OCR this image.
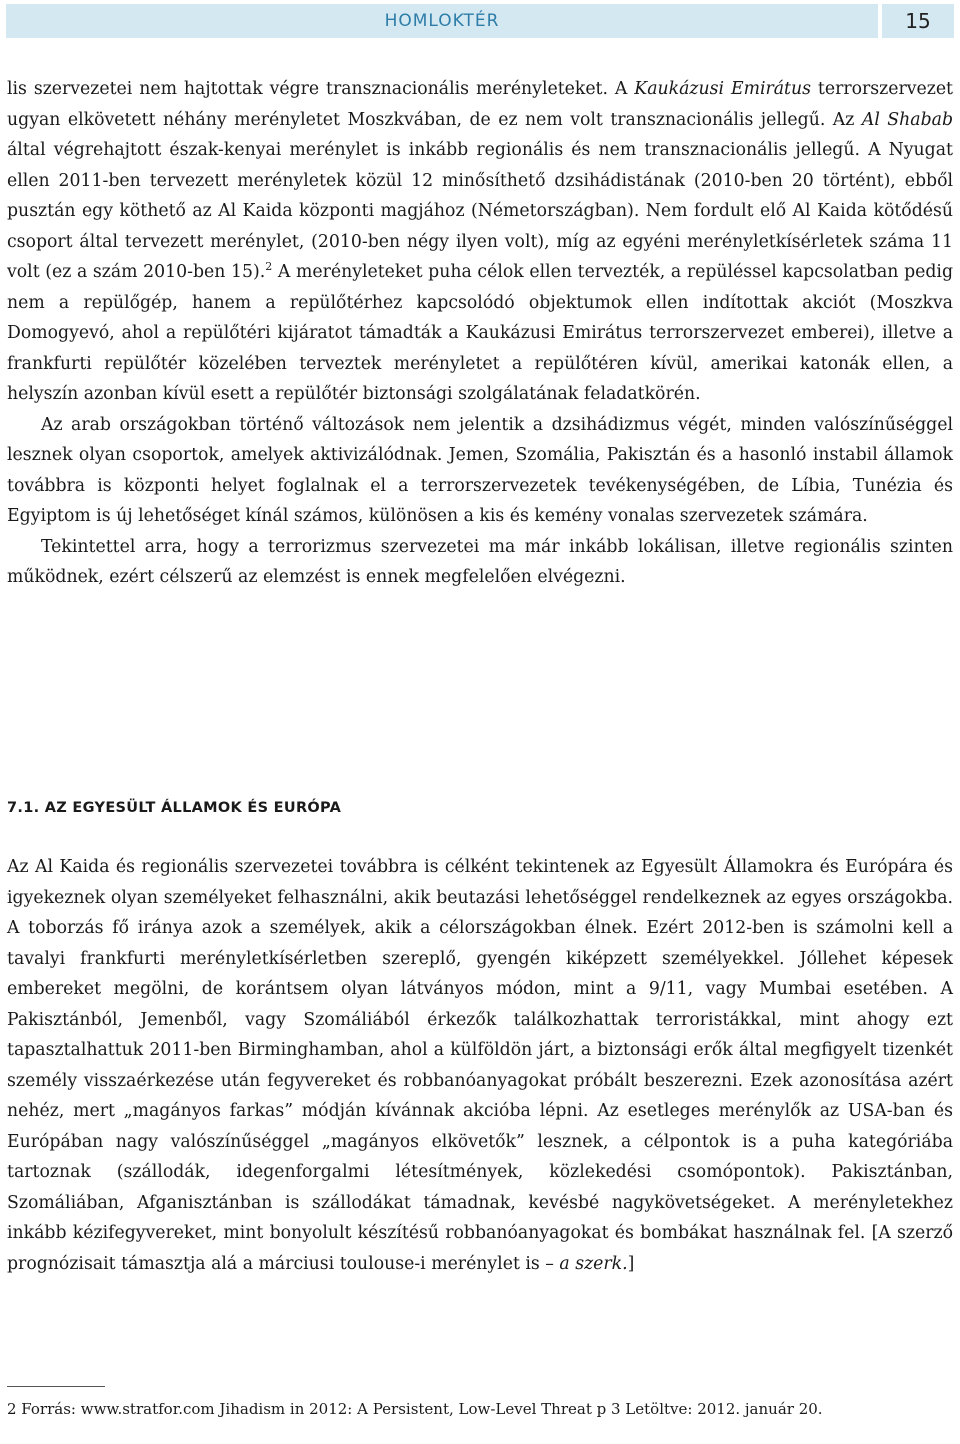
HOMLOKTÉR	15

lis szervezetei nem hajtottak végre transznacionális merényleteket. A Kaukázusi Emirátus terrorszervezet ugyan elkövetett néhány merényletet Moszkvában, de ez nem volt transznacionális jellegű. Az Al Shabab által végrehajtott észak-kenyai merénylet is inkább regionális és nem transznacionális jellegű. A Nyugat ellen 2011-ben tervezett merényletek közül 12 minősíthető dzsihádistának (2010-ben 20 történt), ebből pusztán egy köthető az Al Kaida központi magjához (Németországban). Nem fordult elő Al Kaida kötődésű csoport által tervezett merénylet, (2010-ben négy ilyen volt), míg az egyéni merényletkísérletek száma 11 volt (ez a szám 2010-ben 15).$^2$ A merényleteket puha célok ellen tervezték, a repüléssel kapcsolatban pedig nem a repülőgép, hanem a repülőtérhez kapcsolódó objektumok ellen indítottak akciót (Moszkva Domogyevó, ahol a repülőtéri kijáratot támadták a Kaukázusi Emirátus terrorszervezet emberei), illetve a frankfurti repülőtér közelében terveztek merényletet a repülőtéren kívül, amerikai katonák ellen, a helyszín azonban kívül esett a repülőtér biztonsági szolgálatának feladatkörén.

Az arab országokban történő változások nem jelentik a dzsihádizmus végét, minden valószínűséggel lesznek olyan csoportok, amelyek aktivizálódnak. Jemen, Szomália, Pakisztán és a hasonló instabil államok továbbra is központi helyet foglalnak el a terrorszervezetek tevékenységében, de Líbia, Tunézia és Egyiptom is új lehetőséget kínál számos, különösen a kis és kemény vonalas szervezetek számára.

Tekintettel arra, hogy a terrorizmus szervezetei ma már inkább lokálisan, illetve regionális szinten működnek, ezért célszerű az elemzést is ennek megfelelően elvégezni.

7.1. AZ EGYESÜLT ÁLLAMOK ÉS EURÓPA

Az Al Kaida és regionális szervezetei továbbra is célként tekintenek az Egyesült Államokra és Európára és igyekeznek olyan személyeket felhasználni, akik beutazási lehetőséggel rendelkeznek az egyes országokba. A toborzás fő iránya azok a személyek, akik a célországokban élnek. Ezért 2012-ben is számolni kell a tavalyi frankfurti merényletkísérletben szereplő, gyengén kiképzett személyekkel. Jóllehet képesek embereket megölni, de korántsem olyan látványos módon, mint a 9/11, vagy Mumbai esetében. A Pakisztánból, Jemenből, vagy Szomáliából érkezők találkozhattak terroristákkal, mint ahogy ezt tapasztalhattuk 2011-ben Birminghamban, ahol a külföldön járt, a biztonsági erők által megfigyelt tizenkét személy visszaérkezése után fegyvereket és robbanóanyagokat próbált beszerezni. Ezek azonosítása azért nehéz, mert „magányos farkas” módján kívánnak akcióba lépni. Az esetleges merénylők az USA-ban és Európában nagy valószínűséggel „magányos elkövetők” lesznek, a célpontok is a puha kategóriába tartoznak (szállodák, idegenforgalmi létesítmények, közlekedési csomópontok). Pakisztánban, Szomáliában, Afganisztánban is szállodákat támadnak, kevésbé nagykövetségeket. A merényletekhez inkább kézifegyvereket, mint bonyolult készítésű robbanóanyagokat és bombákat használnak fel. [A szerző prognózisait támasztja alá a márciusi toulouse-i merénylet is – a szerk.]

2 Forrás: www.stratfor.com Jihadism in 2012: A Persistent, Low-Level Threat p 3 Letöltve: 2012. január 20.
